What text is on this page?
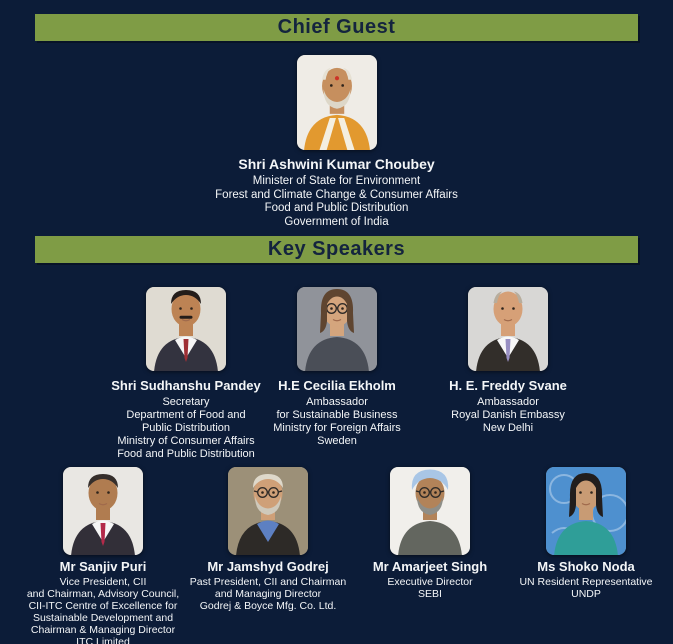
Chief Guest
Shri Ashwini Kumar Choubey
Minister of State for Environment
Forest and Climate Change & Consumer Affairs
Food and Public Distribution
Government of India
Key Speakers
Shri Sudhanshu Pandey
Secretary
Department of Food and
Public Distribution
Ministry of Consumer Affairs
Food and Public Distribution
H.E Cecilia Ekholm
Ambassador
for Sustainable Business
Ministry for Foreign Affairs
Sweden
H. E. Freddy Svane
Ambassador
Royal Danish Embassy
New Delhi
Mr Sanjiv Puri
Vice President, CII
and Chairman, Advisory Council,
CII-ITC Centre of Excellence for
Sustainable Development and
Chairman & Managing Director
ITC Limited
Mr Jamshyd Godrej
Past President, CII and Chairman
and Managing Director
Godrej & Boyce Mfg. Co. Ltd.
Mr Amarjeet Singh
Executive Director
SEBI
Ms Shoko Noda
UN Resident Representative
UNDP
